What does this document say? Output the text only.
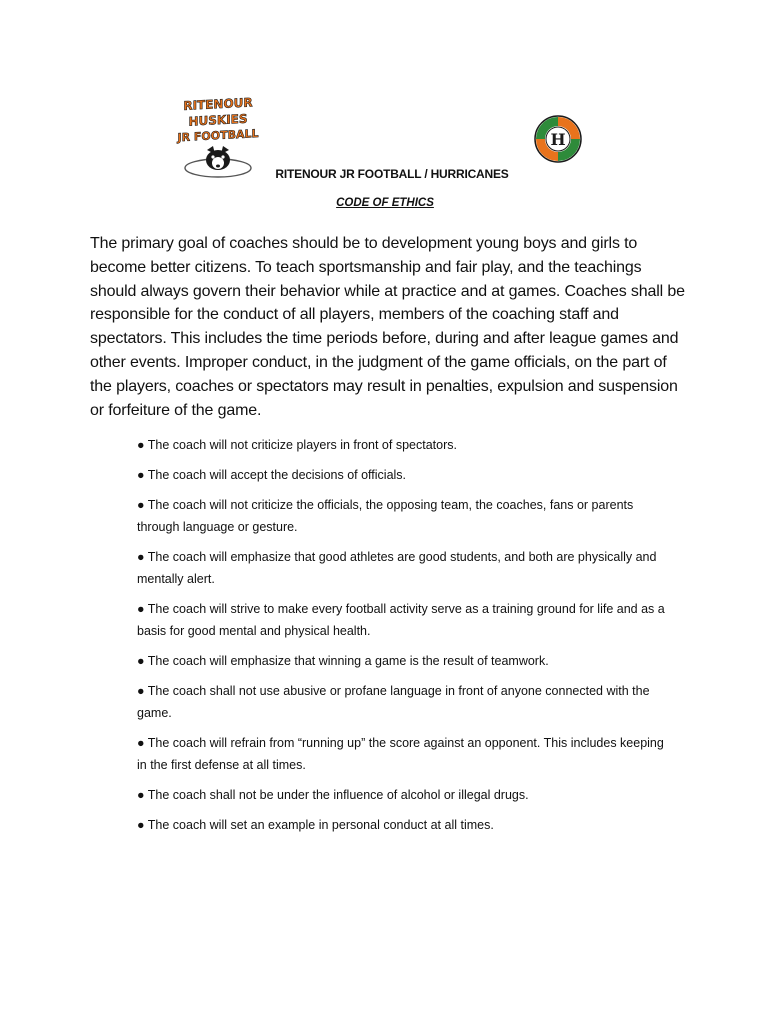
RITENOUR
HUSKIES
JR FOOTBALL	H
RITENOUR JR FOOTBALL / HURRICANES
CODE OF ETHICS

The primary goal of coaches should be to development young boys and girls to become better citizens. To teach sportsmanship and fair play, and the teachings should always govern their behavior while at practice and at games. Coaches shall be responsible for the conduct of all players, members of the coaching staff and spectators. This includes the time periods before, during and after league games and other events. Improper conduct, in the judgment of the game officials, on the part of the players, coaches or spectators may result in penalties, expulsion and suspension or forfeiture of the game.

● The coach will not criticize players in front of spectators.
● The coach will accept the decisions of officials.
● The coach will not criticize the officials, the opposing team, the coaches, fans or parents through language or gesture.
● The coach will emphasize that good athletes are good students, and both are physically and mentally alert.
● The coach will strive to make every football activity serve as a training ground for life and as a basis for good mental and physical health.
● The coach will emphasize that winning a game is the result of teamwork.
● The coach shall not use abusive or profane language in front of anyone connected with the game.
● The coach will refrain from “running up” the score against an opponent. This includes keeping in the first defense at all times.
● The coach shall not be under the influence of alcohol or illegal drugs.
● The coach will set an example in personal conduct at all times.
